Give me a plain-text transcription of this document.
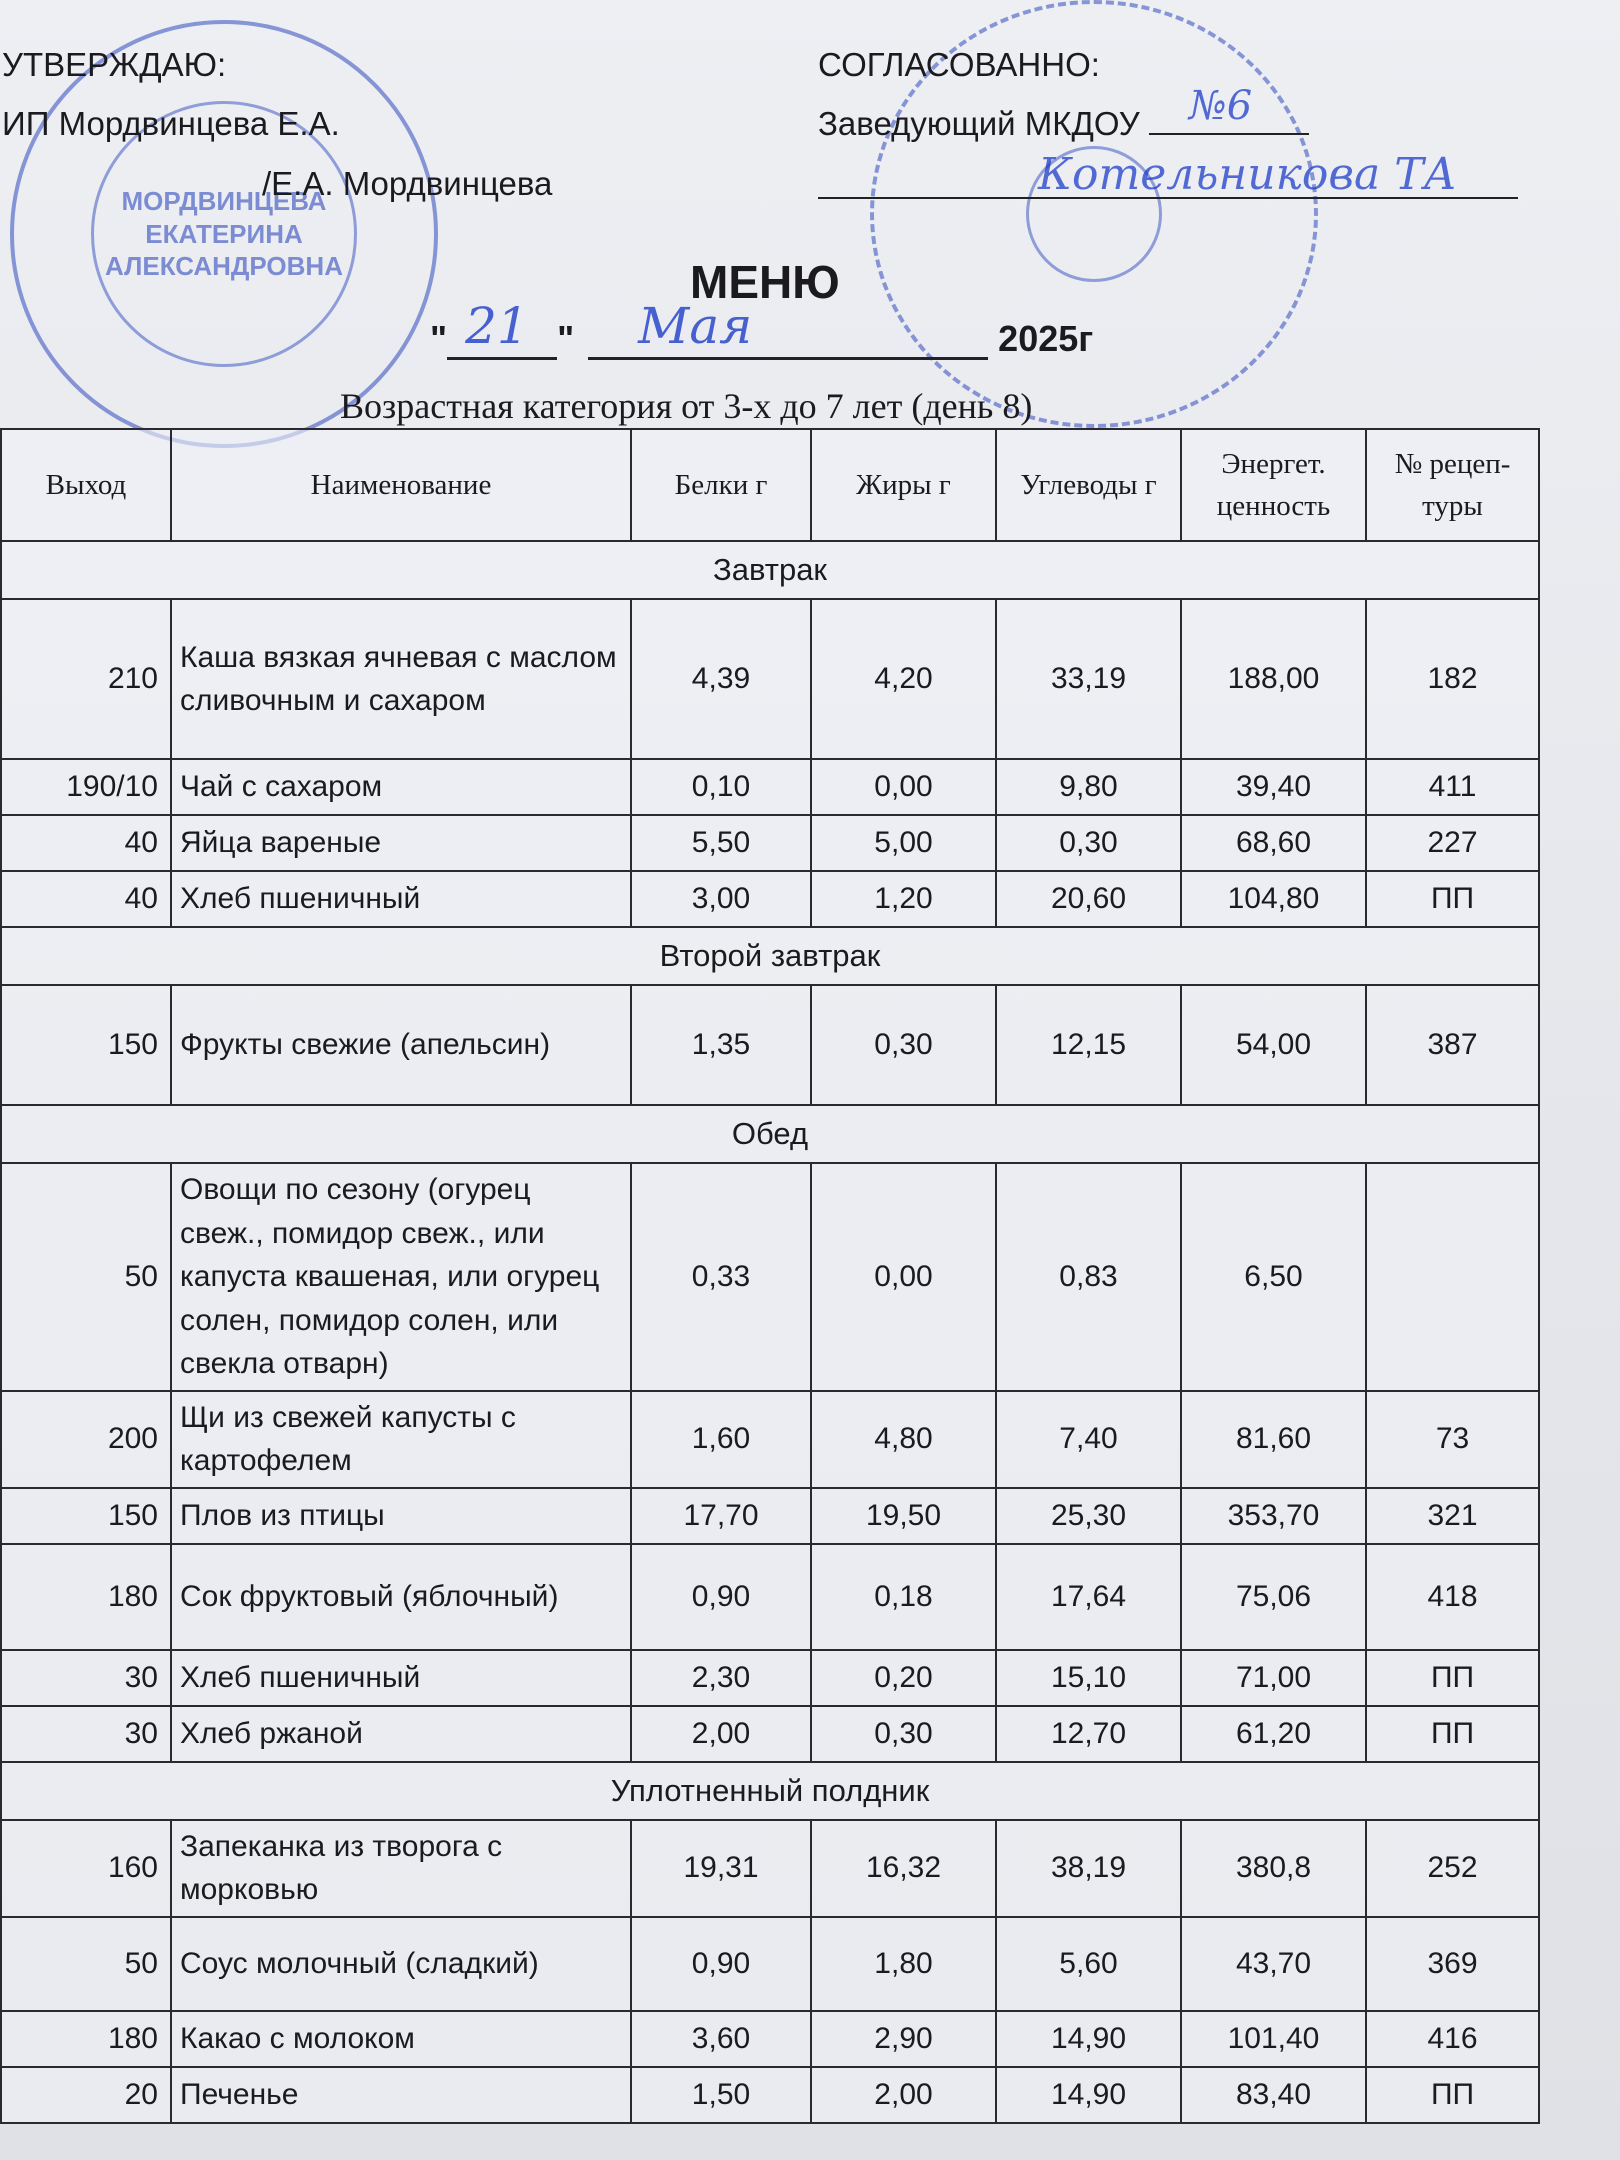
МОРДВИНЦЕВА ЕКАТЕРИНА АЛЕКСАНДРОВНА
УТВЕРЖДАЮ:
ИП Мордвинцева Е.А.
/Е.А. Мордвинцева
СОГЛАСОВАННО:
Заведующий МКДОУ №6
Котельникова ТА
МЕНЮ
" 21 " Мая	2025г
Возрастная категория от 3-х до 7 лет (день 8)
Выход	Наименование	Белки г	Жиры г	Углеводы г	Энергет. ценность	№ рецеп-туры
Завтрак						
210	Каша вязкая ячневая с маслом сливочным и сахаром	4,39	4,20	33,19	188,00	182
190/10	Чай с сахаром	0,10	0,00	9,80	39,40	411
40	Яйца вареные	5,50	5,00	0,30	68,60	227
40	Хлеб пшеничный	3,00	1,20	20,60	104,80	ПП
Второй завтрак						
150	Фрукты свежие (апельсин)	1,35	0,30	12,15	54,00	387
Обед						
50	Овощи по сезону (огурец свеж., помидор свеж., или капуста квашеная, или огурец солен, помидор солен, или свекла отварн)	0,33	0,00	0,83	6,50	
200	Щи из свежей капусты с картофелем	1,60	4,80	7,40	81,60	73
150	Плов из птицы	17,70	19,50	25,30	353,70	321
180	Сок фруктовый (яблочный)	0,90	0,18	17,64	75,06	418
30	Хлеб пшеничный	2,30	0,20	15,10	71,00	ПП
30	Хлеб ржаной	2,00	0,30	12,70	61,20	ПП
Уплотненный полдник						
160	Запеканка из творога с морковью	19,31	16,32	38,19	380,8	252
50	Соус молочный (сладкий)	0,90	1,80	5,60	43,70	369
180	Какао с молоком	3,60	2,90	14,90	101,40	416
20	Печенье	1,50	2,00	14,90	83,40	ПП
